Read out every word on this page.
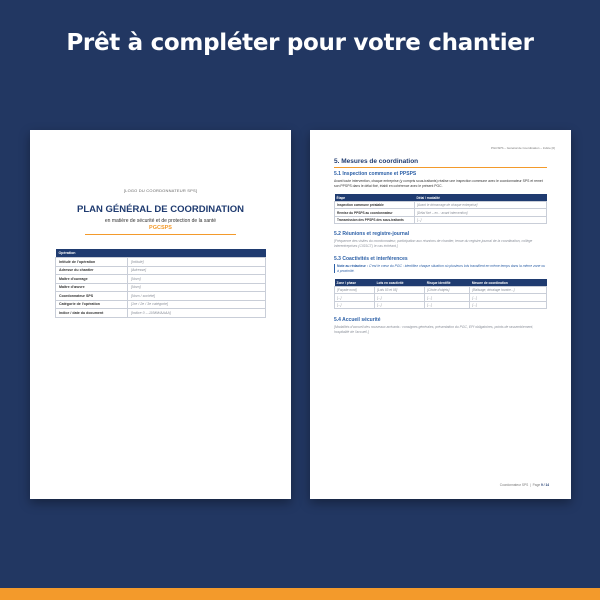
Prêt à compléter pour votre chantier
[LOGO DU COORDONNATEUR SPS]
PLAN GÉNÉRAL DE COORDINATION
en matière de sécurité et de protection de la santé
PGCSPS
Opération	
Intitulé de l'opération	[Intitulé]
Adresse du chantier	[Adresse]
Maître d'ouvrage	[Nom]
Maître d'œuvre	[Nom]
Coordonnateur SPS	[Nom / société]
Catégorie de l'opération	[1re / 2e / 3e catégorie]
Indice / date du document	[Indice 0 – JJ/MM/AAAA]
PGCSPS – Général de Coordination – Indice [0]
5. Mesures de coordination
5.1 Inspection commune et PPSPS
Avant toute intervention, chaque entreprise (y compris sous-traitants) réalise une inspection commune avec le coordonnateur SPS et remet son PPSPS dans le délai fixé, établi en cohérence avec le présent PGC.
Étape	Délai / modalité
Inspection commune préalable	[Avant le démarrage de chaque entreprise]
Remise du PPSPS au coordonnateur	[Délai fixé – ex. : avant intervention]
Transmission des PPSPS des sous-traitants	[...]
5.2 Réunions et registre-journal
[Fréquence des visites du coordonnateur, participation aux réunions de chantier, tenue du registre-journal de la coordination, collège interentreprises (CISSCT) le cas échéant.]
5.3 Coactivités et interférences
Note au rédacteur : C'est le cœur du PGC : identifiez chaque situation où plusieurs lots travaillent en même temps dans la même zone ou à proximité.
Zone / phase	Lots en coactivité	Risque identifié	Mesure de coordination
[Façade nord]	[Lots 03 et 05]	[Chute d'objets]	[Balisage, décalage horaire...]
[...]	[...]	[...]	[...]
[...]	[...]	[...]	[...]
5.4 Accueil sécurité
[Modalités d'accueil des nouveaux arrivants : consignes générales, présentation du PGC, EPI obligatoires, points de rassemblement, hospitalité de l'accueil.]
Coordonnateur SPS  |  Page 9 / 14
